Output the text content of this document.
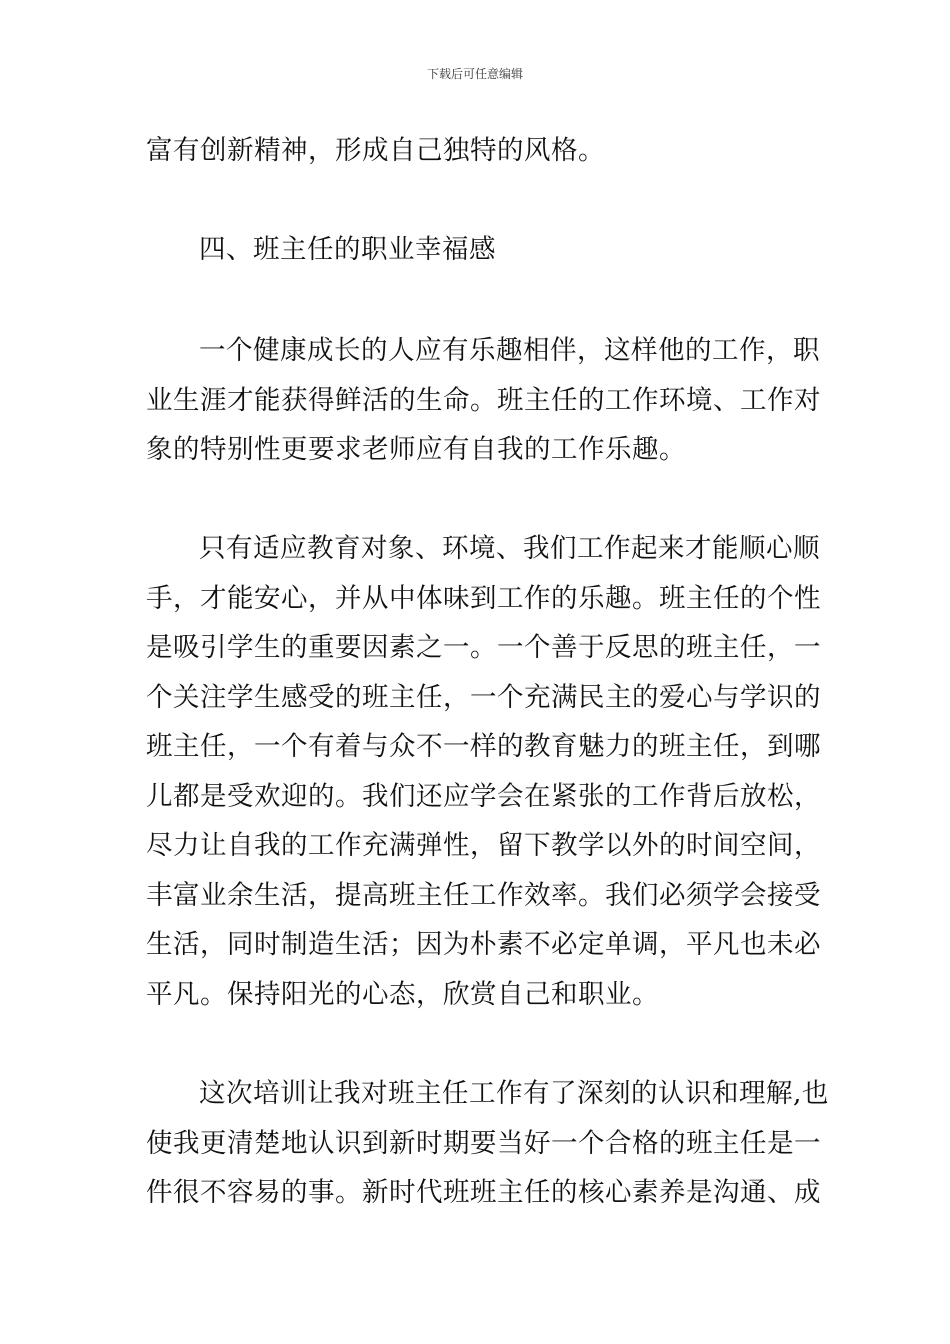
下载后可任意编辑
富有创新精神，形成自己独特的风格。
四、班主任的职业幸福感
一个健康成长的人应有乐趣相伴，这样他的工作，职
业生涯才能获得鲜活的生命。班主任的工作环境、工作对
象的特别性更要求老师应有自我的工作乐趣。
只有适应教育对象、环境、我们工作起来才能顺心顺
手，才能安心，并从中体味到工作的乐趣。班主任的个性
是吸引学生的重要因素之一。一个善于反思的班主任，一
个关注学生感受的班主任，一个充满民主的爱心与学识的
班主任，一个有着与众不一样的教育魅力的班主任，到哪
儿都是受欢迎的。我们还应学会在紧张的工作背后放松，
尽力让自我的工作充满弹性，留下教学以外的时间空间，
丰富业余生活，提高班主任工作效率。我们必须学会接受
生活，同时制造生活；因为朴素不必定单调，平凡也未必
平凡。保持阳光的心态，欣赏自己和职业。
这次培训让我对班主任工作有了深刻的认识和理解,也
使我更清楚地认识到新时期要当好一个合格的班主任是一
件很不容易的事。新时代班班主任的核心素养是沟通、成
